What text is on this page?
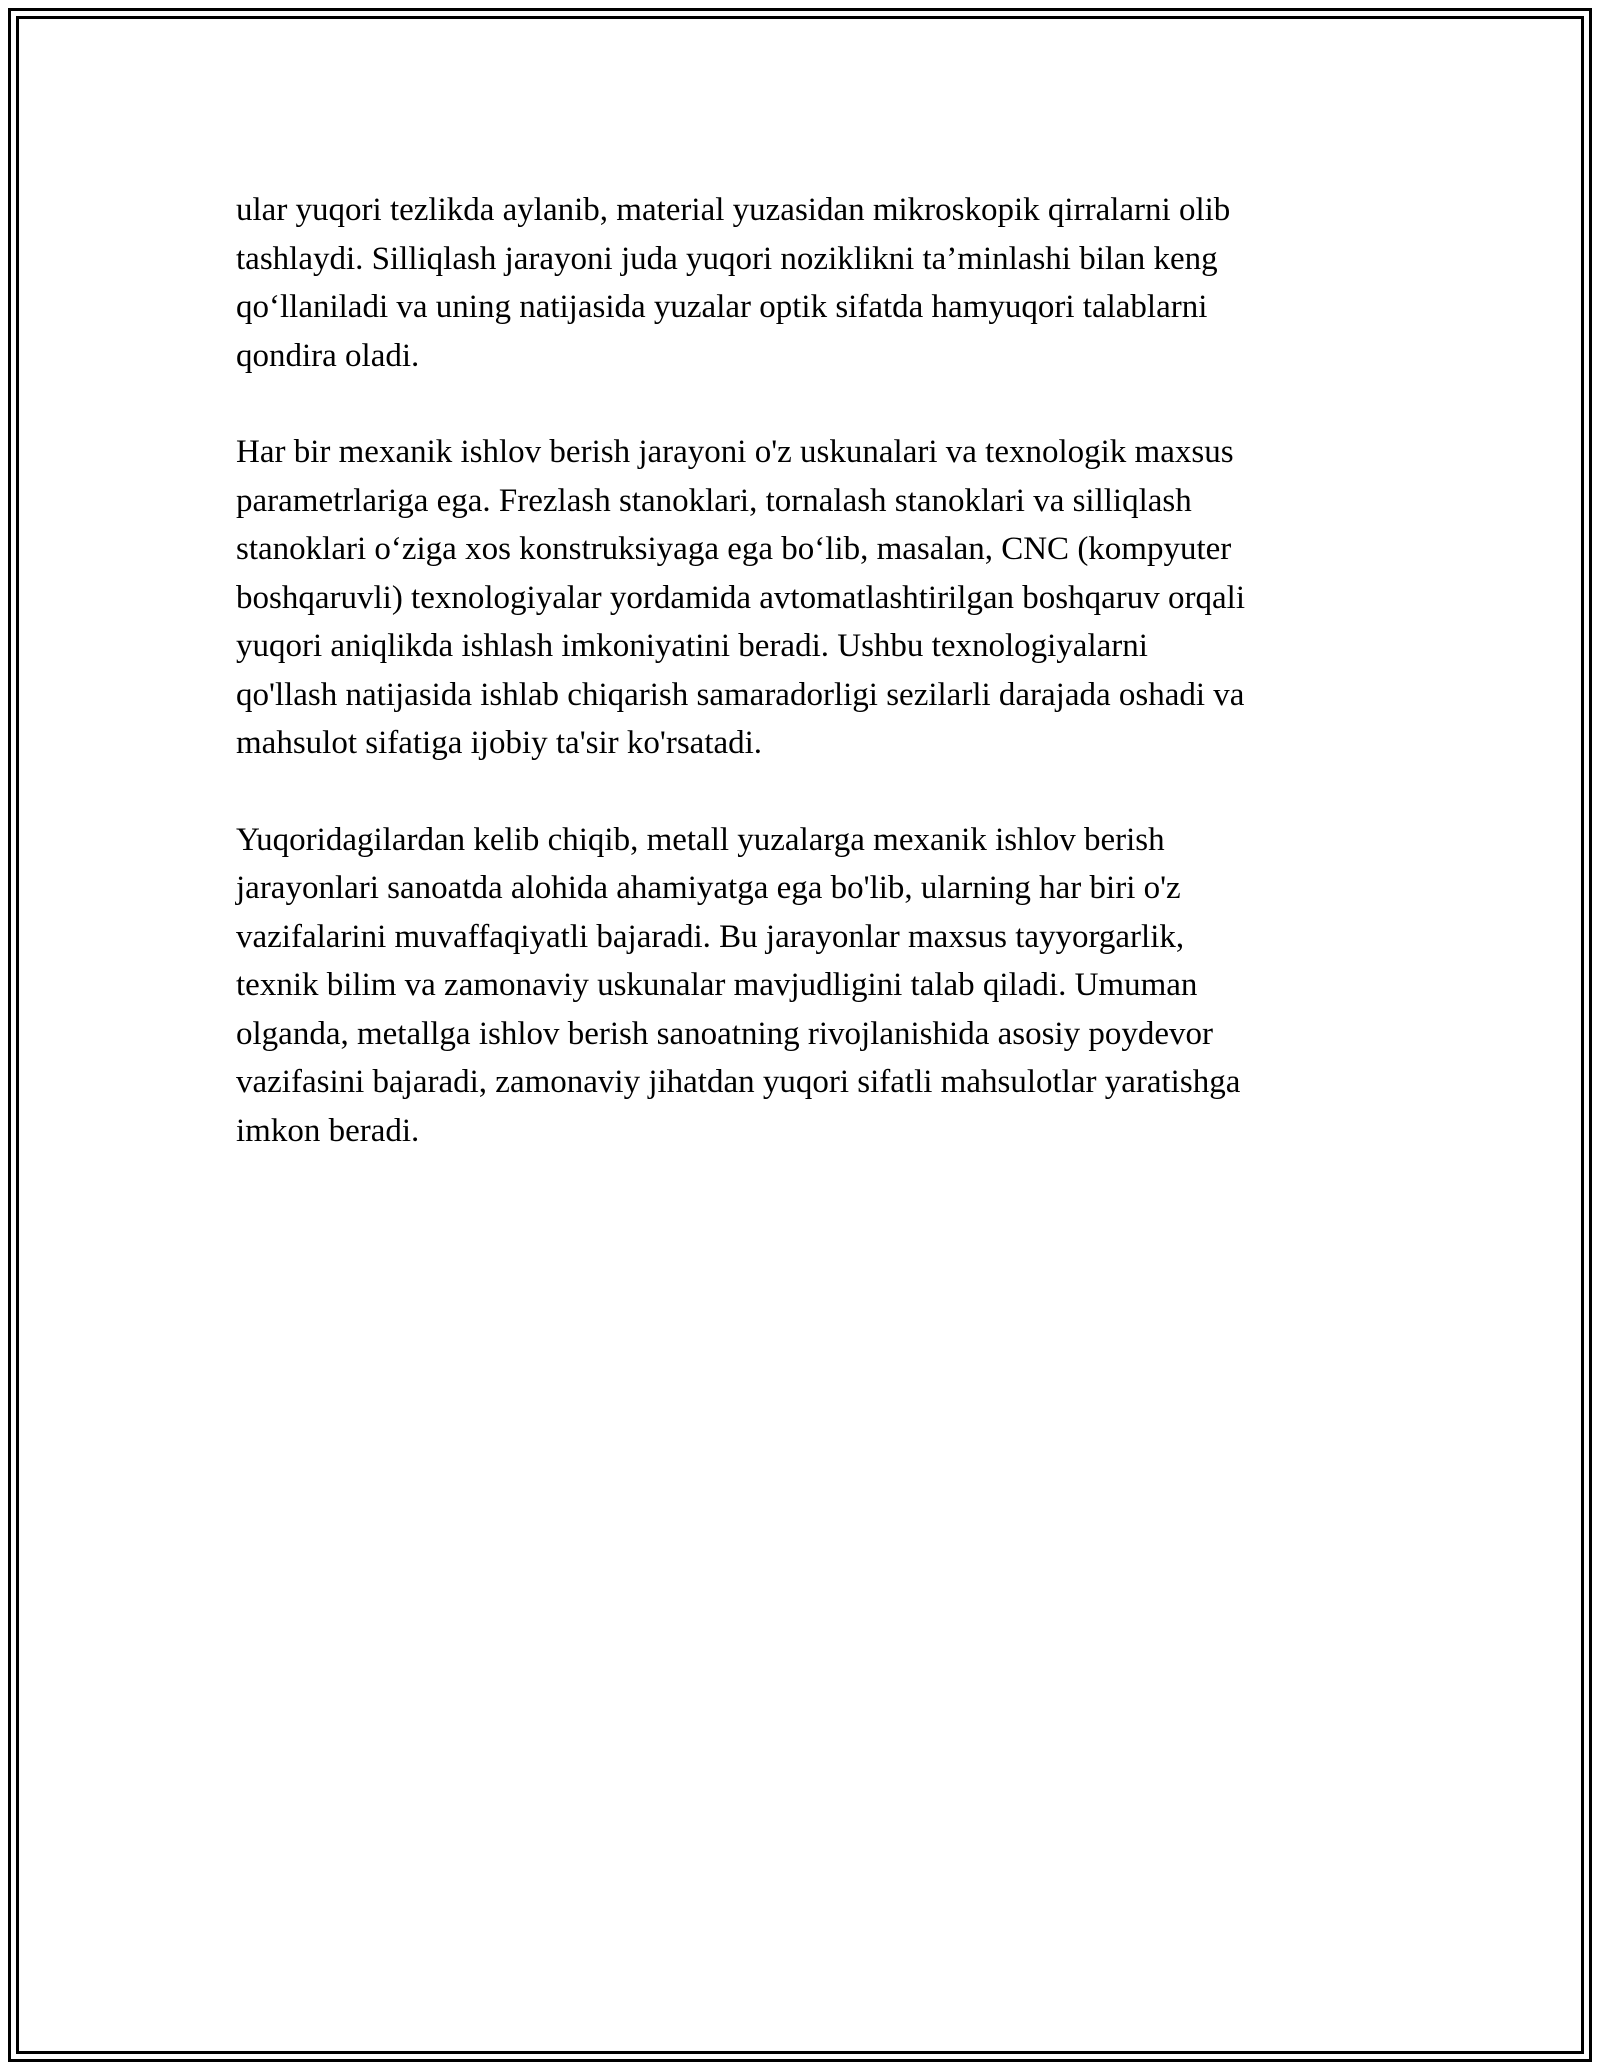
ular yuqori tezlikda aylanib, material yuzasidan mikroskopik qirralarni olib
tashlaydi. Silliqlash jarayoni juda yuqori noziklikni ta’minlashi bilan keng
qo‘llaniladi va uning natijasida yuzalar optik sifatda hamyuqori talablarni
qondira oladi.

Har bir mexanik ishlov berish jarayoni o'z uskunalari va texnologik maxsus
parametrlariga ega. Frezlash stanoklari, tornalash stanoklari va silliqlash
stanoklari o‘ziga xos konstruksiyaga ega bo‘lib, masalan, CNC (kompyuter
boshqaruvli) texnologiyalar yordamida avtomatlashtirilgan boshqaruv orqali
yuqori aniqlikda ishlash imkoniyatini beradi. Ushbu texnologiyalarni
qo'llash natijasida ishlab chiqarish samaradorligi sezilarli darajada oshadi va
mahsulot sifatiga ijobiy ta'sir ko'rsatadi.

Yuqoridagilardan kelib chiqib, metall yuzalarga mexanik ishlov berish
jarayonlari sanoatda alohida ahamiyatga ega bo'lib, ularning har biri o'z
vazifalarini muvaffaqiyatli bajaradi. Bu jarayonlar maxsus tayyorgarlik,
texnik bilim va zamonaviy uskunalar mavjudligini talab qiladi. Umuman
olganda, metallga ishlov berish sanoatning rivojlanishida asosiy poydevor
vazifasini bajaradi, zamonaviy jihatdan yuqori sifatli mahsulotlar yaratishga
imkon beradi.
